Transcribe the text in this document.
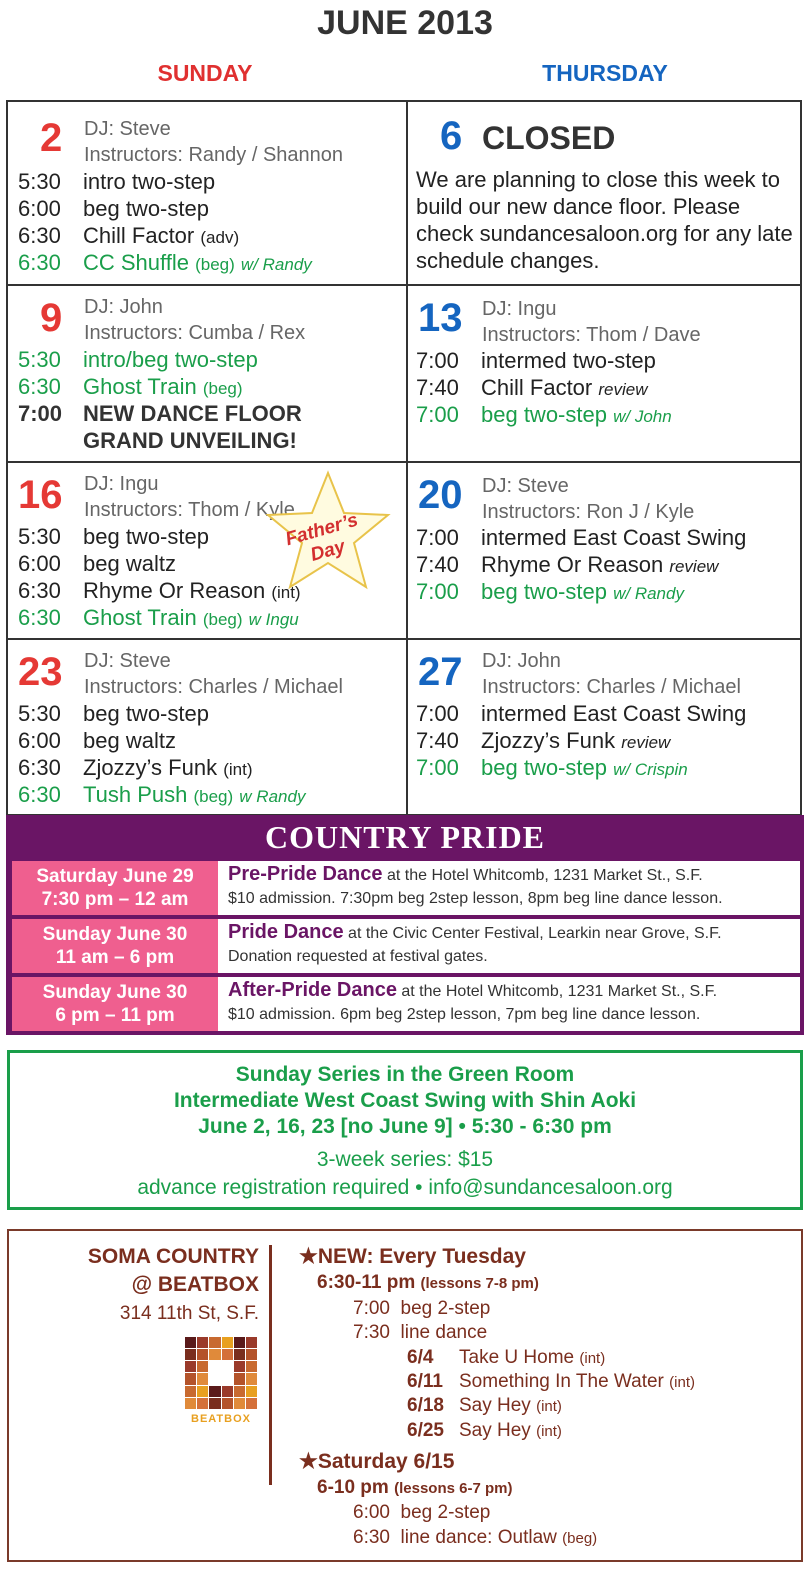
JUNE 2013
SUNDAY	THURSDAY
2 DJ: Steve
Instructors: Randy / Shannon
5:30 intro two-step
6:00 beg two-step
6:30 Chill Factor (adv)
6:30 CC Shuffle (beg) w/ Randy
6 CLOSED
We are planning to close this week to build our new dance floor. Please check sundancesaloon.org for any late schedule changes.
9 DJ: John
Instructors: Cumba / Rex
5:30 intro/beg two-step
6:30 Ghost Train (beg)
7:00 NEW DANCE FLOOR
GRAND UNVEILING!
13 DJ: Ingu
Instructors: Thom / Dave
7:00 intermed two-step
7:40 Chill Factor review
7:00 beg two-step w/ John
16 DJ: Ingu
Instructors: Thom / Kyle
Father’s Day
5:30 beg two-step
6:00 beg waltz
6:30 Rhyme Or Reason (int)
6:30 Ghost Train (beg) w Ingu
20 DJ: Steve
Instructors: Ron J / Kyle
7:00 intermed East Coast Swing
7:40 Rhyme Or Reason review
7:00 beg two-step w/ Randy
23 DJ: Steve
Instructors: Charles / Michael
5:30 beg two-step
6:00 beg waltz
6:30 Zjozzy’s Funk (int)
6:30 Tush Push (beg) w Randy
27 DJ: John
Instructors: Charles / Michael
7:00 intermed East Coast Swing
7:40 Zjozzy’s Funk review
7:00 beg two-step w/ Crispin
COUNTRY PRIDE
Saturday June 29
7:30 pm – 12 am
Pre-Pride Dance at the Hotel Whitcomb, 1231 Market St., S.F.
$10 admission. 7:30pm beg 2step lesson, 8pm beg line dance lesson.
Sunday June 30
11 am – 6 pm
Pride Dance at the Civic Center Festival, Learkin near Grove, S.F.
Donation requested at festival gates.
Sunday June 30
6 pm – 11 pm
After-Pride Dance at the Hotel Whitcomb, 1231 Market St., S.F.
$10 admission. 6pm beg 2step lesson, 7pm beg line dance lesson.
Sunday Series in the Green Room
Intermediate West Coast Swing with Shin Aoki
June 2, 16, 23 [no June 9] • 5:30 - 6:30 pm
3-week series: $15
advance registration required • info@sundancesaloon.org
SOMA COUNTRY
@ BEATBOX
314 11th St, S.F.
BEATBOX
★NEW: Every Tuesday
6:30-11 pm (lessons 7-8 pm)
7:00 beg 2-step
7:30 line dance
6/4 Take U Home (int)
6/11 Something In The Water (int)
6/18 Say Hey (int)
6/25 Say Hey (int)
★Saturday 6/15
6-10 pm (lessons 6-7 pm)
6:00 beg 2-step
6:30 line dance: Outlaw (beg)
